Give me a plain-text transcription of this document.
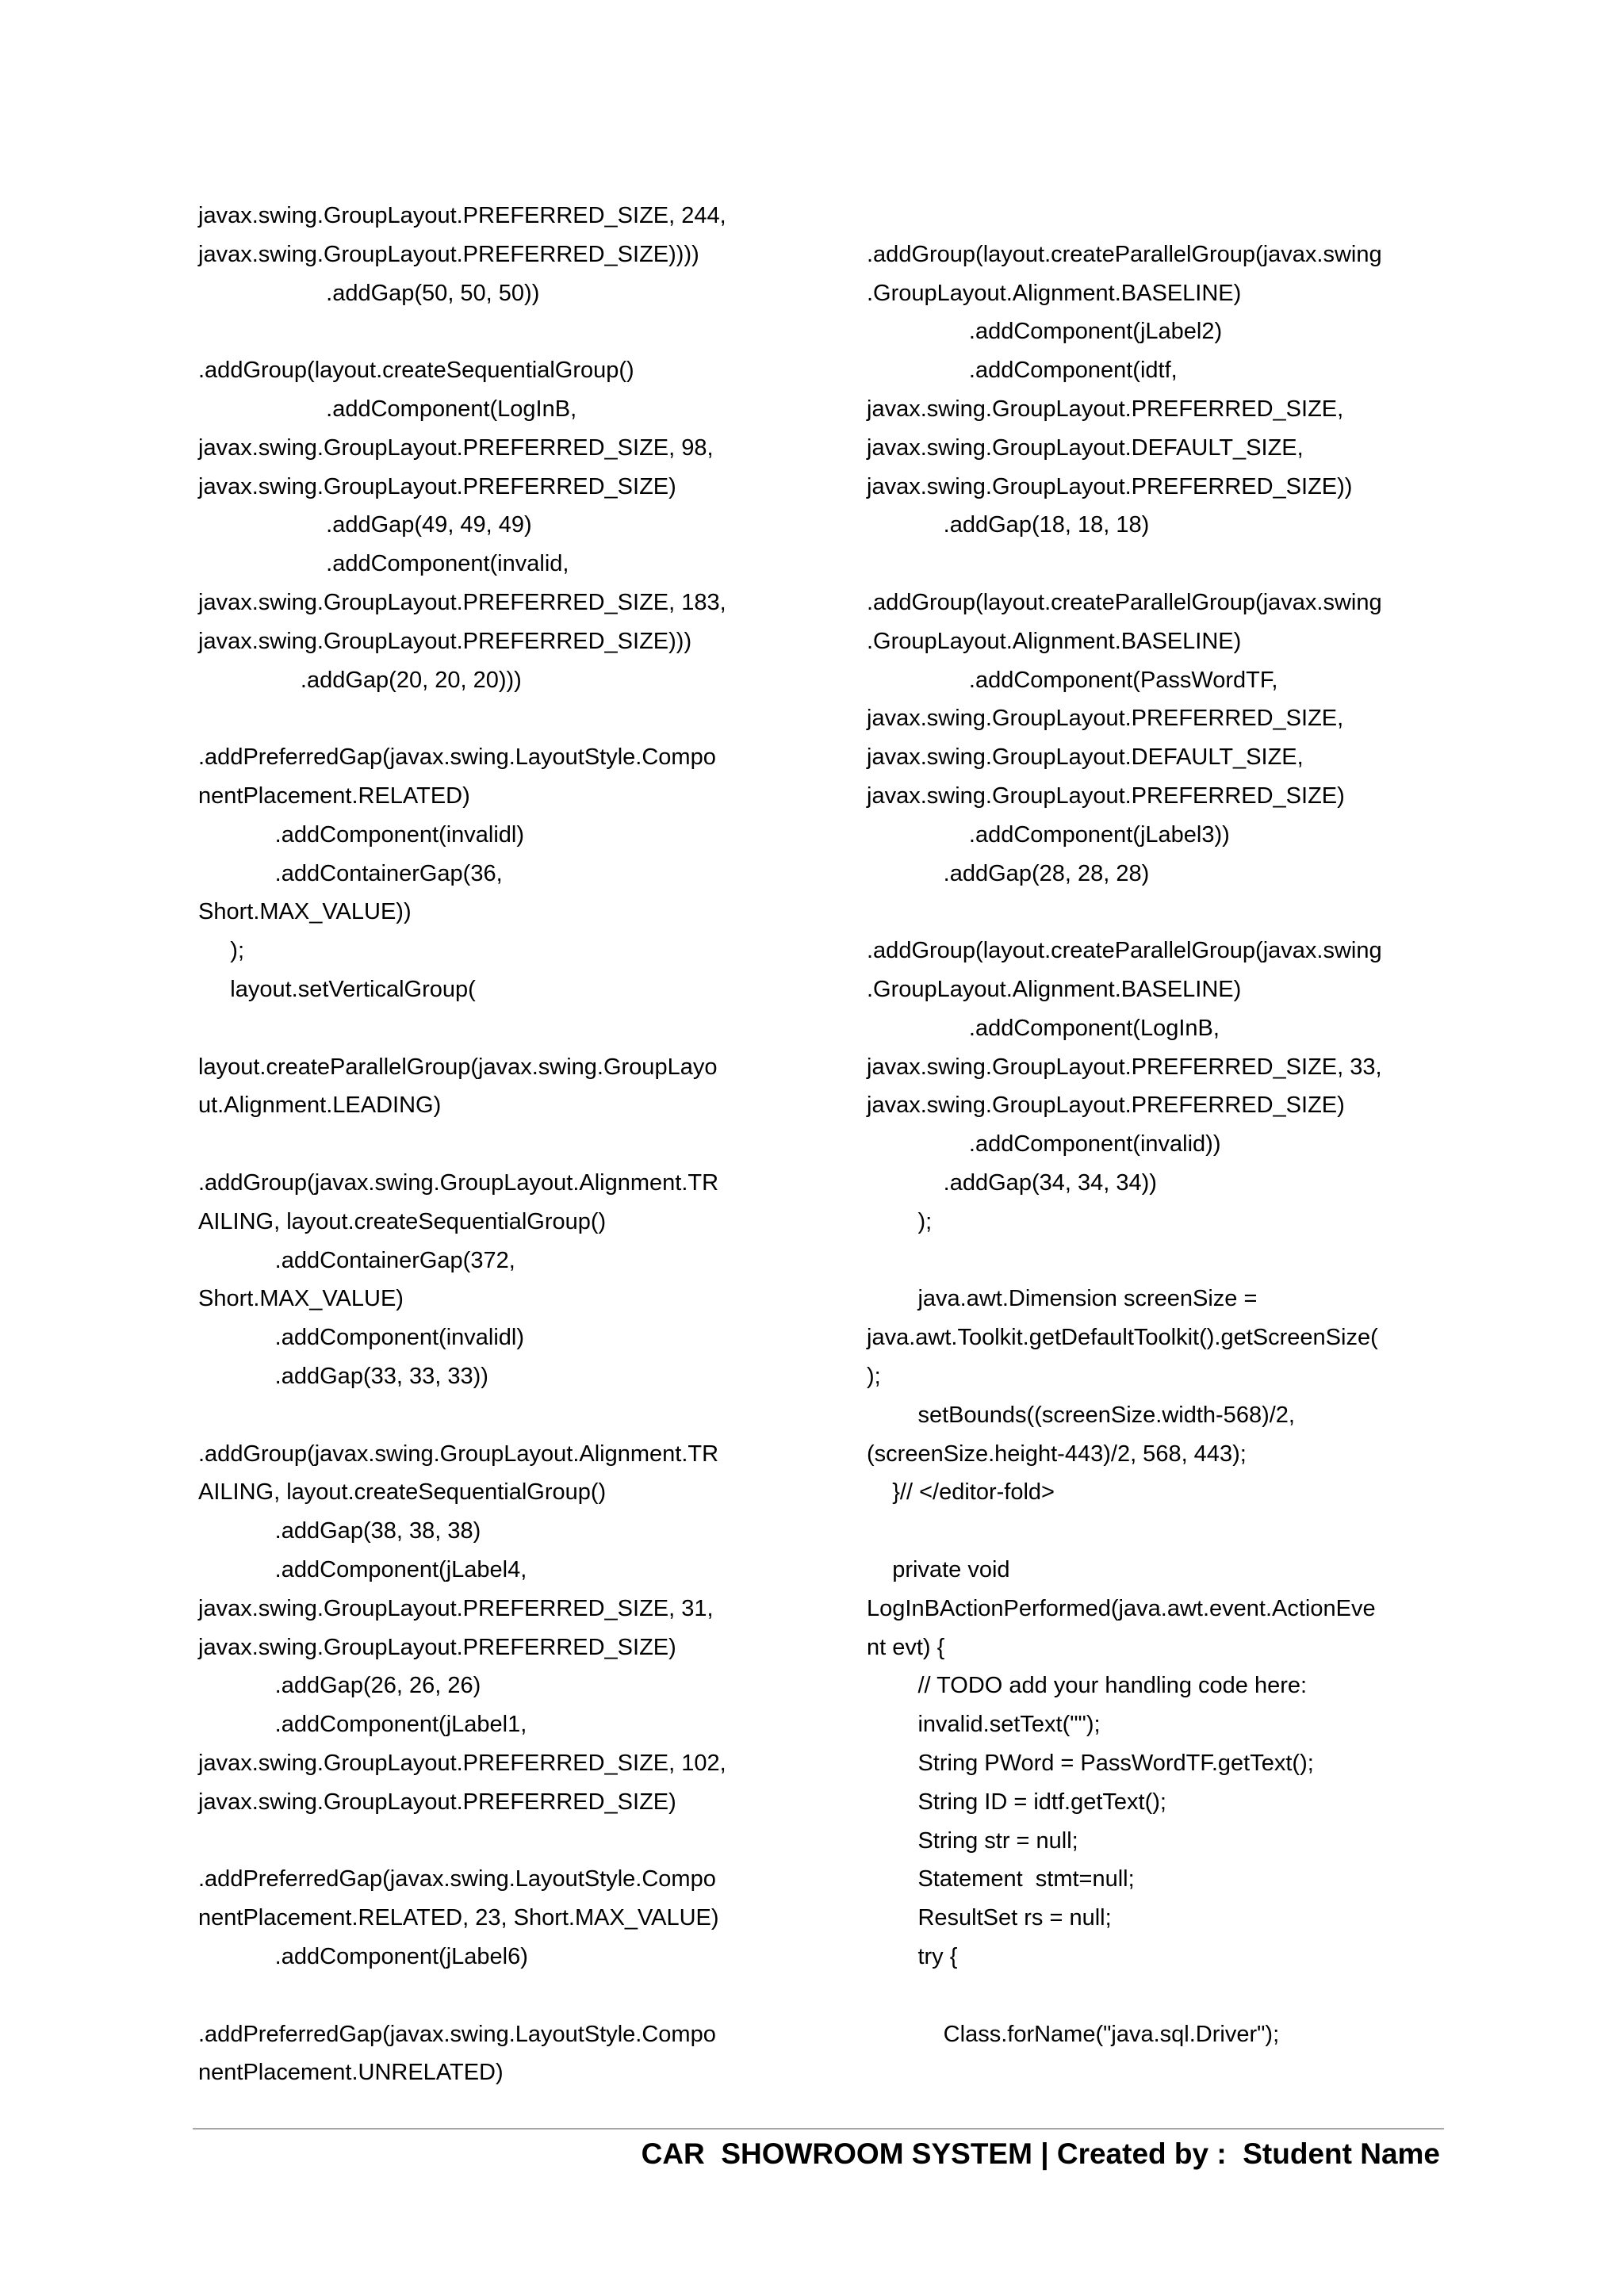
javax.swing.GroupLayout.PREFERRED_SIZE, 244,
javax.swing.GroupLayout.PREFERRED_SIZE))))
.addGap(50, 50, 50))
.addGroup(layout.createSequentialGroup()
.addComponent(LogInB,
javax.swing.GroupLayout.PREFERRED_SIZE, 98,
javax.swing.GroupLayout.PREFERRED_SIZE)
.addGap(49, 49, 49)
.addComponent(invalid,
javax.swing.GroupLayout.PREFERRED_SIZE, 183,
javax.swing.GroupLayout.PREFERRED_SIZE)))
.addGap(20, 20, 20)))
.addPreferredGap(javax.swing.LayoutStyle.Compo
nentPlacement.RELATED)
.addComponent(invalidl)
.addContainerGap(36,
Short.MAX_VALUE))
);
layout.setVerticalGroup(
layout.createParallelGroup(javax.swing.GroupLayo
ut.Alignment.LEADING)
.addGroup(javax.swing.GroupLayout.Alignment.TR
AILING, layout.createSequentialGroup()
.addContainerGap(372,
Short.MAX_VALUE)
.addComponent(invalidl)
.addGap(33, 33, 33))
.addGroup(javax.swing.GroupLayout.Alignment.TR
AILING, layout.createSequentialGroup()
.addGap(38, 38, 38)
.addComponent(jLabel4,
javax.swing.GroupLayout.PREFERRED_SIZE, 31,
javax.swing.GroupLayout.PREFERRED_SIZE)
.addGap(26, 26, 26)
.addComponent(jLabel1,
javax.swing.GroupLayout.PREFERRED_SIZE, 102,
javax.swing.GroupLayout.PREFERRED_SIZE)
.addPreferredGap(javax.swing.LayoutStyle.Compo
nentPlacement.RELATED, 23, Short.MAX_VALUE)
.addComponent(jLabel6)
.addPreferredGap(javax.swing.LayoutStyle.Compo
nentPlacement.UNRELATED)
.addGroup(layout.createParallelGroup(javax.swing
.GroupLayout.Alignment.BASELINE)
.addComponent(jLabel2)
.addComponent(idtf,
javax.swing.GroupLayout.PREFERRED_SIZE,
javax.swing.GroupLayout.DEFAULT_SIZE,
javax.swing.GroupLayout.PREFERRED_SIZE))
.addGap(18, 18, 18)
.addGroup(layout.createParallelGroup(javax.swing
.GroupLayout.Alignment.BASELINE)
.addComponent(PassWordTF,
javax.swing.GroupLayout.PREFERRED_SIZE,
javax.swing.GroupLayout.DEFAULT_SIZE,
javax.swing.GroupLayout.PREFERRED_SIZE)
.addComponent(jLabel3))
.addGap(28, 28, 28)
.addGroup(layout.createParallelGroup(javax.swing
.GroupLayout.Alignment.BASELINE)
.addComponent(LogInB,
javax.swing.GroupLayout.PREFERRED_SIZE, 33,
javax.swing.GroupLayout.PREFERRED_SIZE)
.addComponent(invalid))
.addGap(34, 34, 34))
);
java.awt.Dimension screenSize =
java.awt.Toolkit.getDefaultToolkit().getScreenSize(
);
setBounds((screenSize.width-568)/2,
(screenSize.height-443)/2, 568, 443);
}// </editor-fold>
private void
LogInBActionPerformed(java.awt.event.ActionEve
nt evt) {
// TODO add your handling code here:
invalid.setText("");
String PWord = PassWordTF.getText();
String ID = idtf.getText();
String str = null;
Statement  stmt=null;
ResultSet rs = null;
try {
Class.forName("java.sql.Driver");
CAR  SHOWROOM SYSTEM | Created by :  Student Name
